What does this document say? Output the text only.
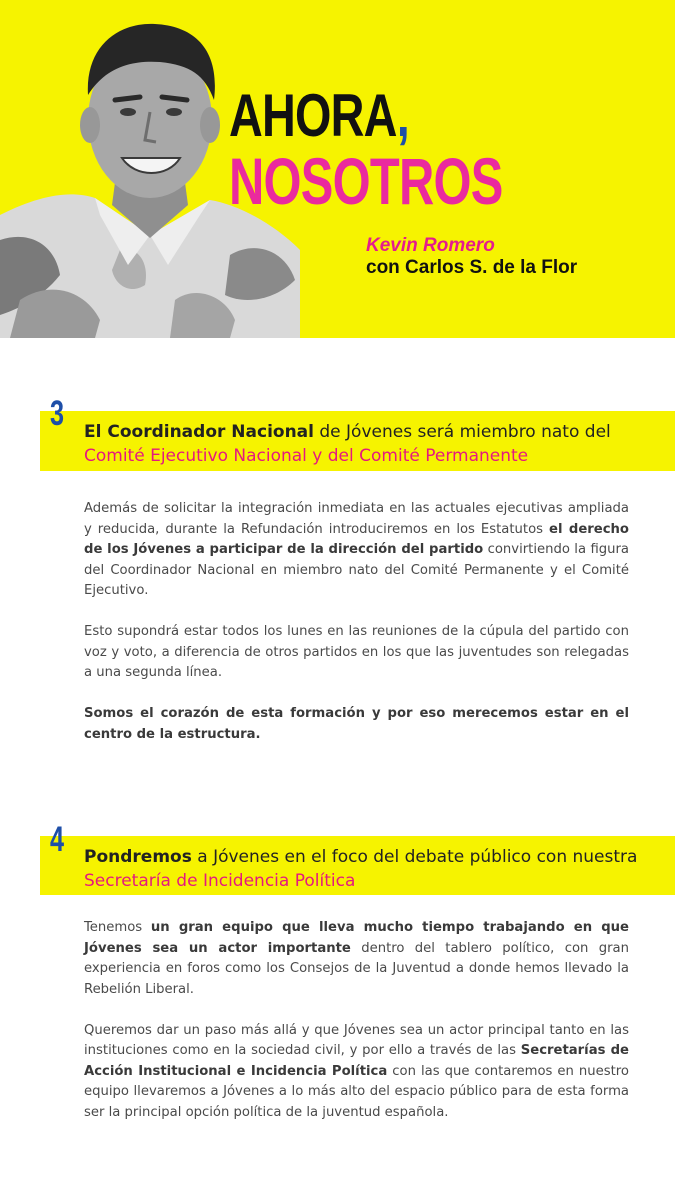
AHORA,
NOSOTROS
Kevin Romero
con Carlos S. de la Flor
3 El Coordinador Nacional de Jóvenes será miembro nato del
Comité Ejecutivo Nacional y del Comité Permanente

Además de solicitar la integración inmediata en las actuales ejecutivas ampliada y reducida, durante la Refundación introduciremos en los Estatutos el derecho de los Jóvenes a participar de la dirección del partido convirtiendo la figura del Coordinador Nacional en miembro nato del Comité Permanente y el Comité Ejecutivo.

Esto supondrá estar todos los lunes en las reuniones de la cúpula del partido con voz y voto, a diferencia de otros partidos en los que las juventudes son relegadas a una segunda línea.

Somos el corazón de esta formación y por eso merecemos estar en el centro de la estructura.

4 Pondremos a Jóvenes en el foco del debate público con nuestra Secretaría de Incidencia Política

Tenemos un gran equipo que lleva mucho tiempo trabajando en que Jóvenes sea un actor importante dentro del tablero político, con gran experiencia en foros como los Consejos de la Juventud a donde hemos llevado la Rebelión Liberal.

Queremos dar un paso más allá y que Jóvenes sea un actor principal tanto en las instituciones como en la sociedad civil, y por ello a través de las Secretarías de Acción Institucional e Incidencia Política con las que contaremos en nuestro equipo llevaremos a Jóvenes a lo más alto del espacio público para de esta forma ser la principal opción política de la juventud española.
